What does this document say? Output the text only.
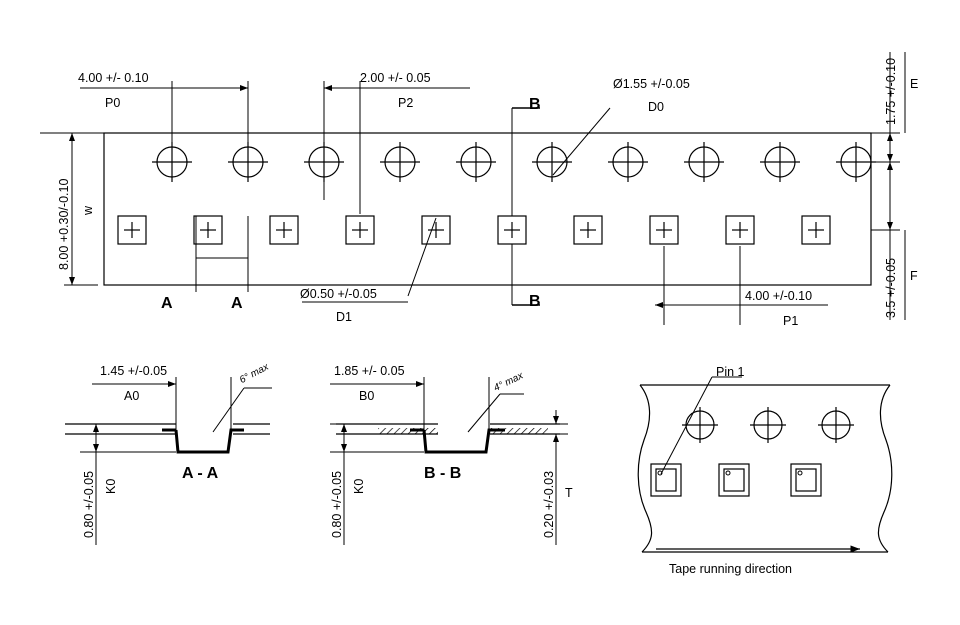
4.00 +/- 0.10
P0
2.00 +/- 0.05
P2
Ø1.55 +/-0.05
D0
Ø0.50 +/-0.05
D1
4.00 +/-0.10
P1
8.00 +0.30/-0.10 w
1.75 +/-0.10 E
3.5 +/-0.05 F
A	A
B
B
1.45 +/-0.05
A0
0.80 +/-0.05 K0
6° max
A - A
1.85 +/- 0.05
B0
0.80 +/-0.05 K0	0.20 +/-0.03 T
4° max
B - B
Pin 1
Tape running direction
